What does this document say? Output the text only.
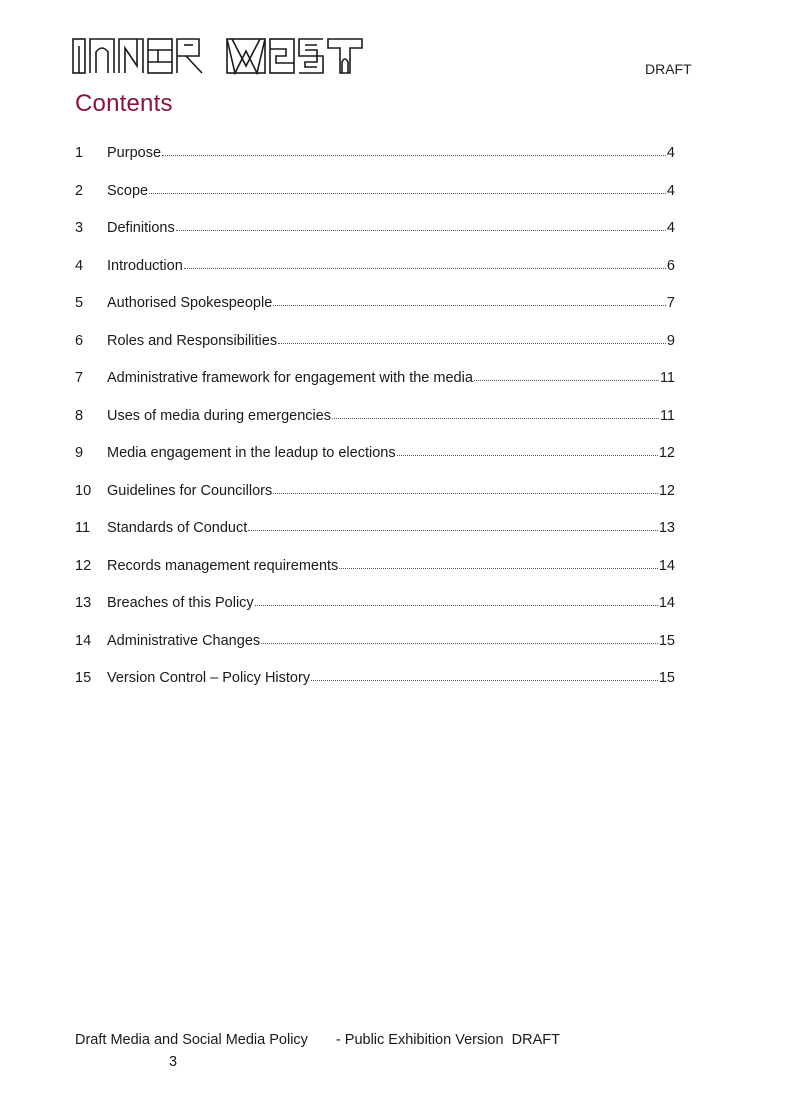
DRAFT
Contents
1	Purpose	4
2	Scope	4
3	Definitions	4
4	Introduction	6
5	Authorised Spokespeople	7
6	Roles and Responsibilities	9
7	Administrative framework for engagement with the media	11
8	Uses of media during emergencies	11
9	Media engagement in the leadup to elections	12
10	Guidelines for Councillors	12
11	Standards of Conduct	13
12	Records management requirements	14
13	Breaches of this Policy	14
14	Administrative Changes	15
15	Version Control – Policy History	15
Draft Media and Social Media Policy - Public Exhibition Version DRAFT
3
